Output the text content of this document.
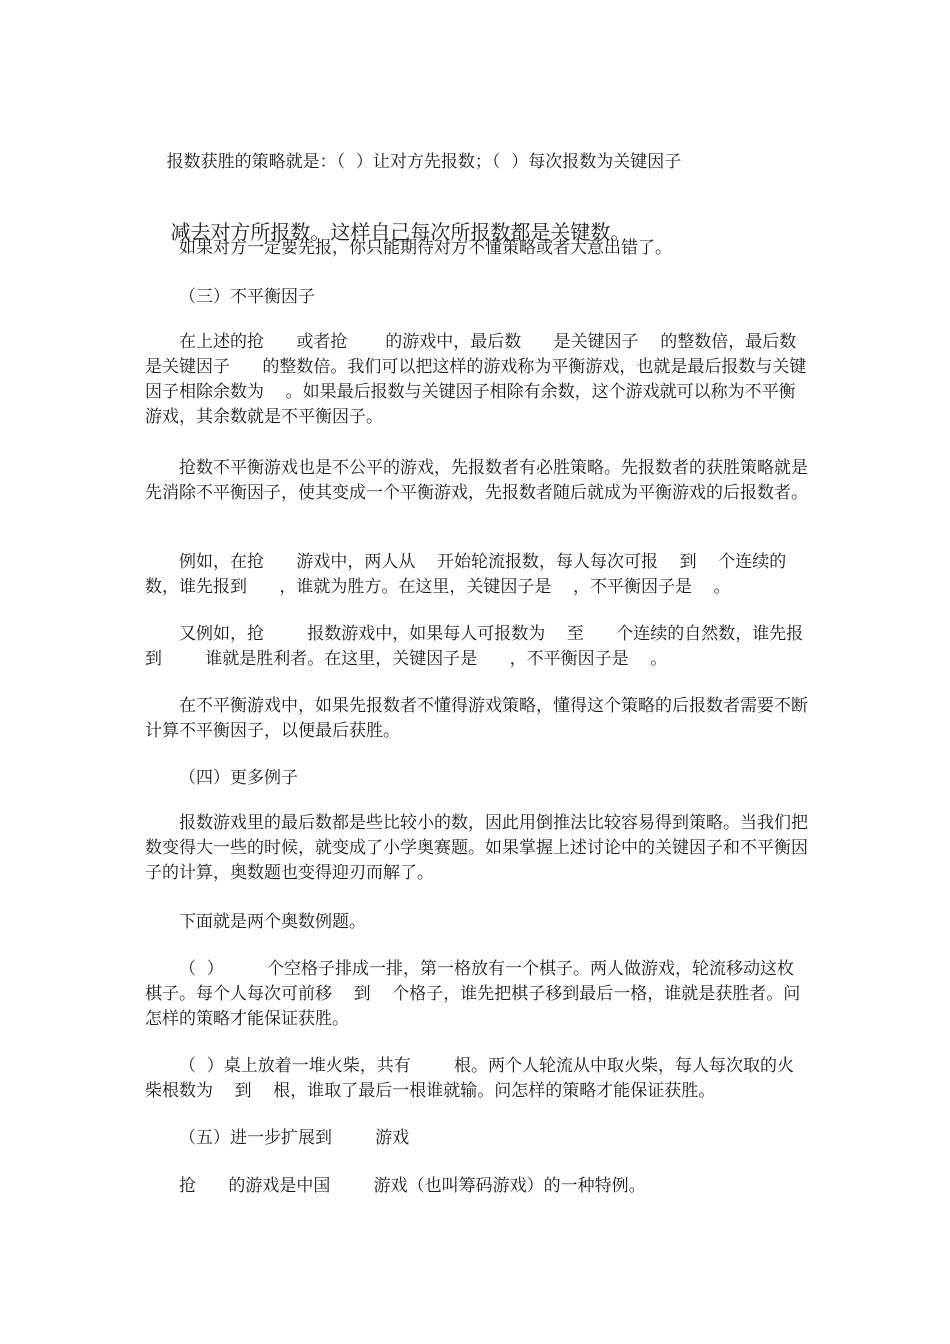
报数获胜的策略就是：（  ）让对方先报数；（  ）每次报数为关键因子

减去对方所报数。这样自己每次所报数都是关键数。

如果对方一定要先报，你只能期待对方不懂策略或者大意出错了。

（三）不平衡因子

在上述的抢      或者抢       的游戏中，最后数      是关键因子    的整数倍，最后数        是关键因子      的整数倍。我们可以把这样的游戏称为平衡游戏，也就是最后报数与关键因子相除余数为    。如果最后报数与关键因子相除有余数，这个游戏就可以称为不平衡游戏，其余数就是不平衡因子。

抢数不平衡游戏也是不公平的游戏，先报数者有必胜策略。先报数者的获胜策略就是先消除不平衡因子，使其变成一个平衡游戏，先报数者随后就成为平衡游戏的后报数者。

例如，在抢      游戏中，两人从    开始轮流报数，每人每次可报    到    个连续的数，谁先报到      ，谁就为胜方。在这里，关键因子是    ，不平衡因子是    。

又例如，抢        报数游戏中，如果每人可报数为    至      个连续的自然数，谁先报到        谁就是胜利者。在这里，关键因子是      ，不平衡因子是    。

在不平衡游戏中，如果先报数者不懂得游戏策略，懂得这个策略的后报数者需要不断计算不平衡因子，以便最后获胜。

（四）更多例子

报数游戏里的最后数都是些比较小的数，因此用倒推法比较容易得到策略。当我们把数变得大一些的时候，就变成了小学奥赛题。如果掌握上述讨论中的关键因子和不平衡因子的计算，奥数题也变得迎刃而解了。

下面就是两个奥数例题。

（  ）        个空格子排成一排，第一格放有一个棋子。两人做游戏，轮流移动这枚棋子。每个人每次可前移    到    个格子，谁先把棋子移到最后一格，谁就是获胜者。问怎样的策略才能保证获胜。

（  ）桌上放着一堆火柴，共有        根。两个人轮流从中取火柴，每人每次取的火柴根数为    到    根，谁取了最后一根谁就输。问怎样的策略才能保证获胜。

（五）进一步扩展到        游戏

抢      的游戏是中国        游戏（也叫筹码游戏）的一种特例。
